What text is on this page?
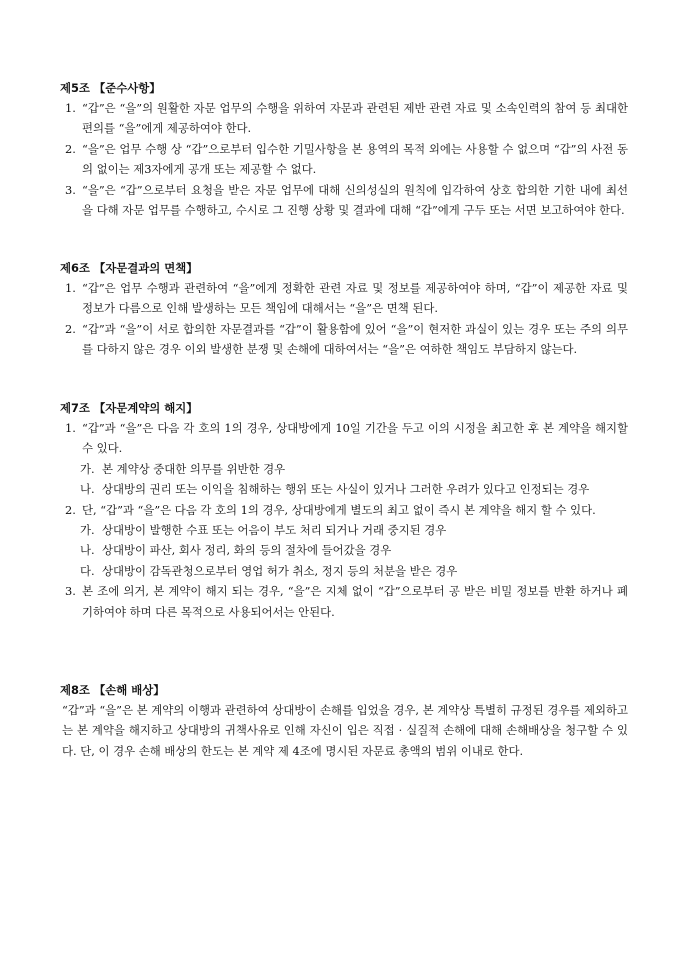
제5조 【준수사항】
1. “갑”은 “을”의 원활한 자문 업무의 수행을 위하여 자문과 관련된 제반 관련 자료 및 소속인력의 참여 등 최대한 편의를 “을”에게 제공하여야 한다.
2. “을”은 업무 수행 상 “갑”으로부터 입수한 기밀사항을 본 용역의 목적 외에는 사용할 수 없으며 “갑”의 사전 동의 없이는 제3자에게 공개 또는 제공할 수 없다.
3. “을”은 “갑”으로부터 요청을 받은 자문 업무에 대해 신의성실의 원칙에 입각하여 상호 합의한 기한 내에 최선을 다해 자문 업무를 수행하고, 수시로 그 진행 상황 및 결과에 대해 “갑”에게 구두 또는 서면 보고하여야 한다.
제6조 【자문결과의 면책】
1. “갑”은 업무 수행과 관련하여 “을”에게 정확한 관련 자료 및 정보를 제공하여야 하며, “갑”이 제공한 자료 및 정보가 다름으로 인해 발생하는 모든 책임에 대해서는 “을”은 면책 된다.
2. “갑”과 “을”이 서로 합의한 자문결과를 “갑”이 활용함에 있어 “을”이 현저한 과실이 있는 경우 또는 주의 의무를 다하지 않은 경우 이외 발생한 분쟁 및 손해에 대하여서는 “을”은 여하한 책임도 부담하지 않는다.
제7조 【자문계약의 해지】
1. “갑”과 “을”은 다음 각 호의 1의 경우, 상대방에게 10일 기간을 두고 이의 시정을 최고한 후 본 계약을 해지할 수 있다.
가. 본 계약상 중대한 의무를 위반한 경우
나. 상대방의 권리 또는 이익을 침해하는 행위 또는 사실이 있거나 그러한 우려가 있다고 인정되는 경우
2. 단, “갑”과 “을”은 다음 각 호의 1의 경우, 상대방에게 별도의 최고 없이 즉시 본 계약을 해지 할 수 있다.
가. 상대방이 발행한 수표 또는 어음이 부도 처리 되거나 거래 중지된 경우
나. 상대방이 파산, 회사 정리, 화의 등의 절차에 들어갔을 경우
다. 상대방이 감독관청으로부터 영업 허가 취소, 정지 등의 처분을 받은 경우
3. 본 조에 의거, 본 계약이 해지 되는 경우, “을”은 지체 없이 “갑”으로부터 공 받은 비밀 정보를 반환 하거나 폐기하여야 하며 다른 목적으로 사용되어서는 안된다.
제8조 【손해 배상】
“갑”과 “을”은 본 계약의 이행과 관련하여 상대방이 손해를 입었을 경우, 본 계약상 특별히 규정된 경우를 제외하고는 본 계약을 해지하고 상대방의 귀책사유로 인해 자신이 입은 직접 · 실질적 손해에 대해 손해배상을 청구할 수 있다. 단, 이 경우 손해 배상의 한도는 본 계약 제 4조에 명시된 자문료 총액의 범위 이내로 한다.
